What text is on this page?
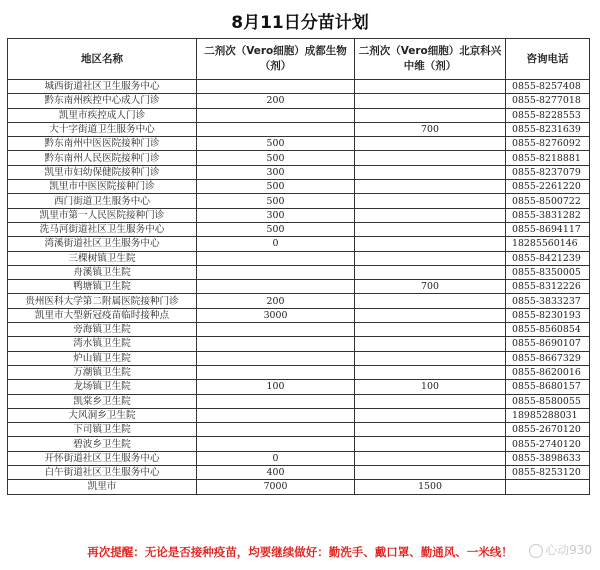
8月11日分苗计划
地区名称	二剂次（Vero细胞）成都生物（剂）	二剂次（Vero细胞）北京科兴中维（剂）	咨询电话
城西街道社区卫生服务中心			0855-8257408
黔东南州疾控中心成人门诊	200		0855-8277018
凯里市疾控成人门诊			0855-8228553
大十字街道卫生服务中心		700	0855-8231639
黔东南州中医医院接种门诊	500		0855-8276092
黔东南州人民医院接种门诊	500		0855-8218881
凯里市妇幼保健院接种门诊	300		0855-8237079
凯里市中医医院接种门诊	500		0855-2261220
西门街道卫生服务中心	500		0855-8500722
凯里市第一人民医院接种门诊	300		0855-3831282
洗马河街道社区卫生服务中心	500		0855-8694117
湾溪街道社区卫生服务中心	0		18285560146
三棵树镇卫生院			0855-8421239
舟溪镇卫生院			0855-8350005
鸭塘镇卫生院		700	0855-8312226
贵州医科大学第二附属医院接种门诊	200		0855-3833237
凯里市大型新冠疫苗临时接种点	3000		0855-8230193
旁海镇卫生院			0855-8560854
湾水镇卫生院			0855-8690107
炉山镇卫生院			0855-8667329
万潮镇卫生院			0855-8620016
龙场镇卫生院	100	100	0855-8680157
凯棠乡卫生院			0855-8580055
大风洞乡卫生院			18985288031
下司镇卫生院			0855-2670120
碧波乡卫生院			0855-2740120
开怀街道社区卫生服务中心	0		0855-3898633
白午街道社区卫生服务中心	400		0855-8253120
凯里市	7000	1500	
再次提醒：无论是否接种疫苗，均要继续做好：勤洗手、戴口罩、勤通风、一米线！	心动930
